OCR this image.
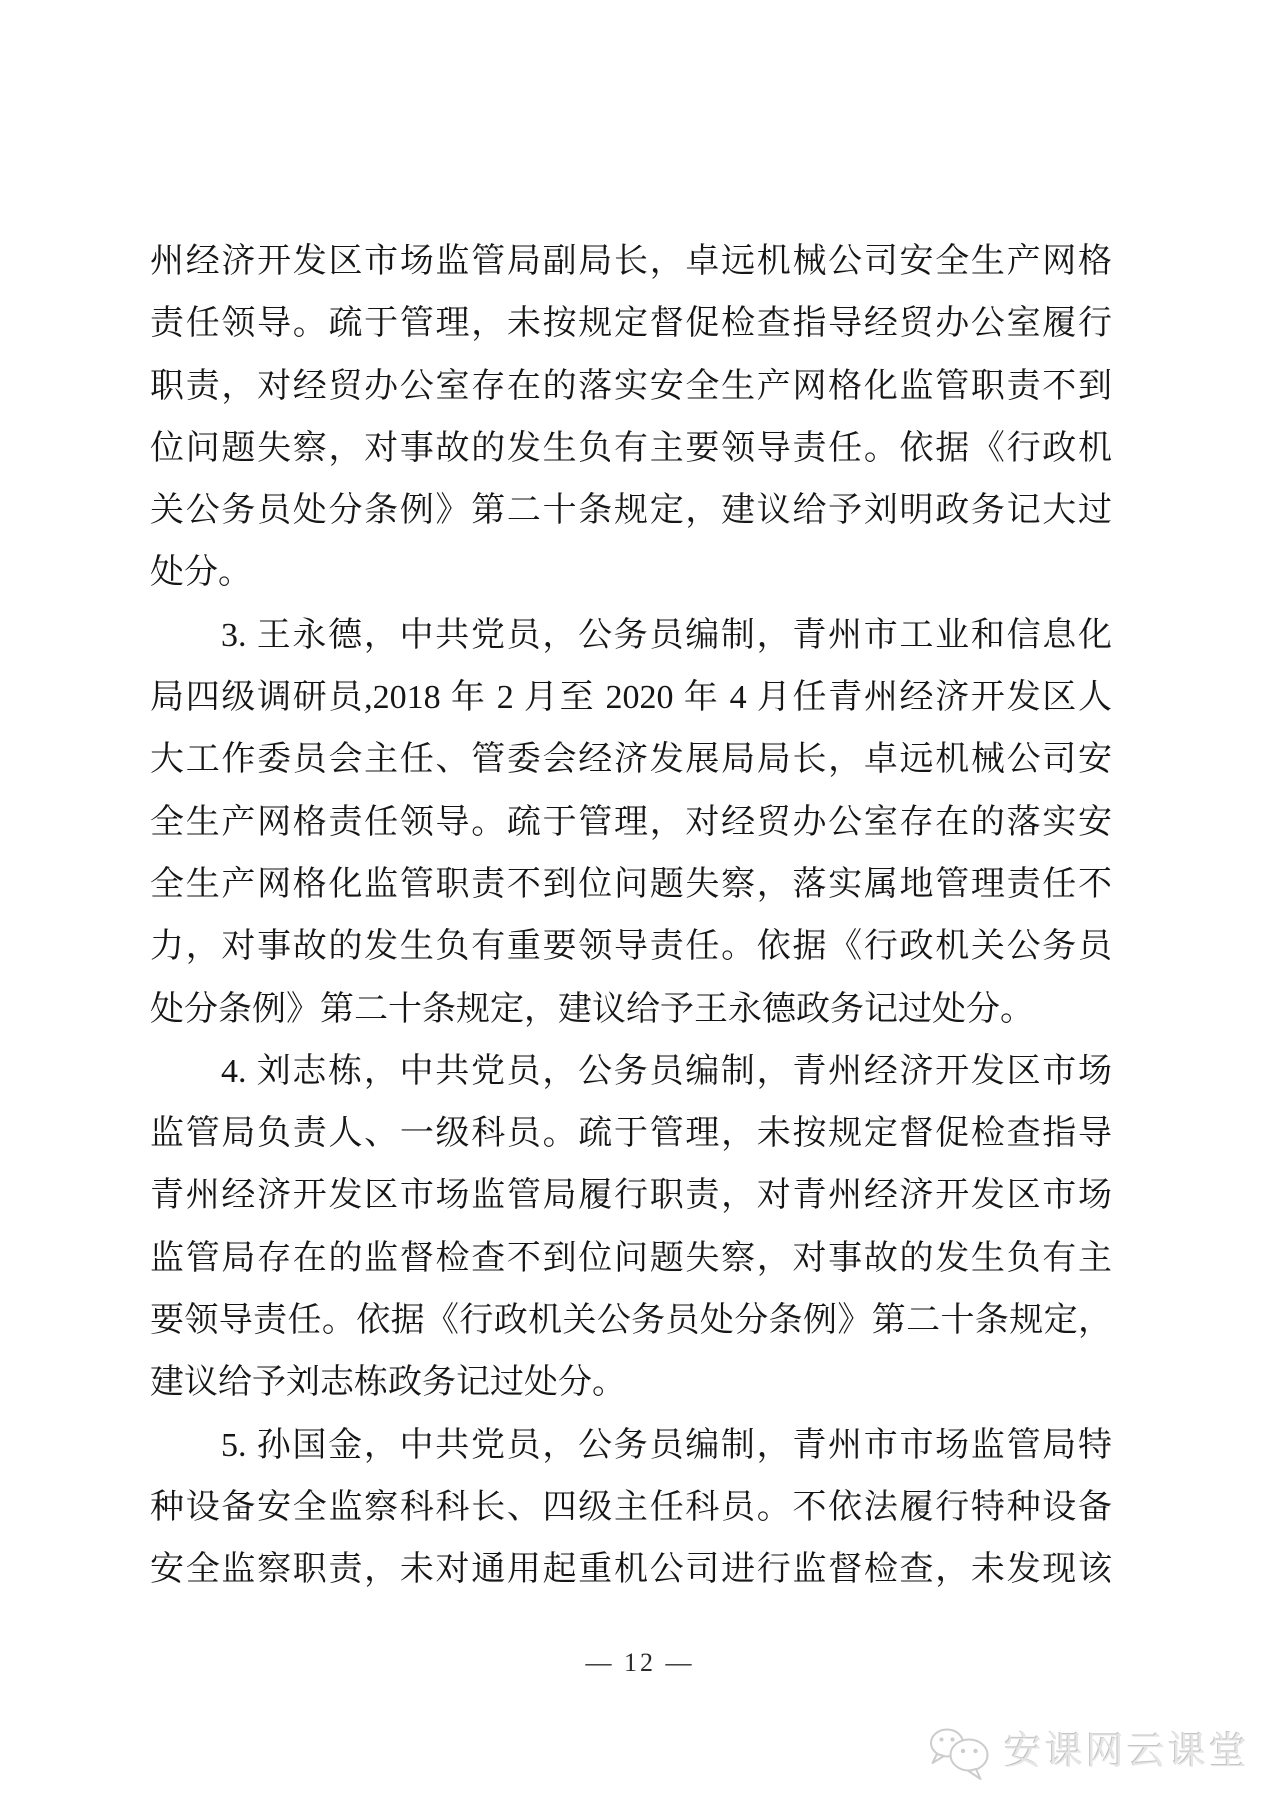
州经济开发区市场监管局副局长，卓远机械公司安全生产网格
责任领导。疏于管理，未按规定督促检查指导经贸办公室履行
职责，对经贸办公室存在的落实安全生产网格化监管职责不到
位问题失察，对事故的发生负有主要领导责任。依据《行政机
关公务员处分条例》第二十条规定，建议给予刘明政务记大过
处分。
3. 王永德，中共党员，公务员编制，青州市工业和信息化
局四级调研员,2018 年 2 月至 2020 年 4 月任青州经济开发区人
大工作委员会主任、管委会经济发展局局长，卓远机械公司安
全生产网格责任领导。疏于管理，对经贸办公室存在的落实安
全生产网格化监管职责不到位问题失察，落实属地管理责任不
力，对事故的发生负有重要领导责任。依据《行政机关公务员
处分条例》第二十条规定，建议给予王永德政务记过处分。
4. 刘志栋，中共党员，公务员编制，青州经济开发区市场
监管局负责人、一级科员。疏于管理，未按规定督促检查指导
青州经济开发区市场监管局履行职责，对青州经济开发区市场
监管局存在的监督检查不到位问题失察，对事故的发生负有主
要领导责任。依据《行政机关公务员处分条例》第二十条规定，
建议给予刘志栋政务记过处分。
5. 孙国金，中共党员，公务员编制，青州市市场监管局特
种设备安全监察科科长、四级主任科员。不依法履行特种设备
安全监察职责，未对通用起重机公司进行监督检查，未发现该
— 12 —
安课网云课堂
